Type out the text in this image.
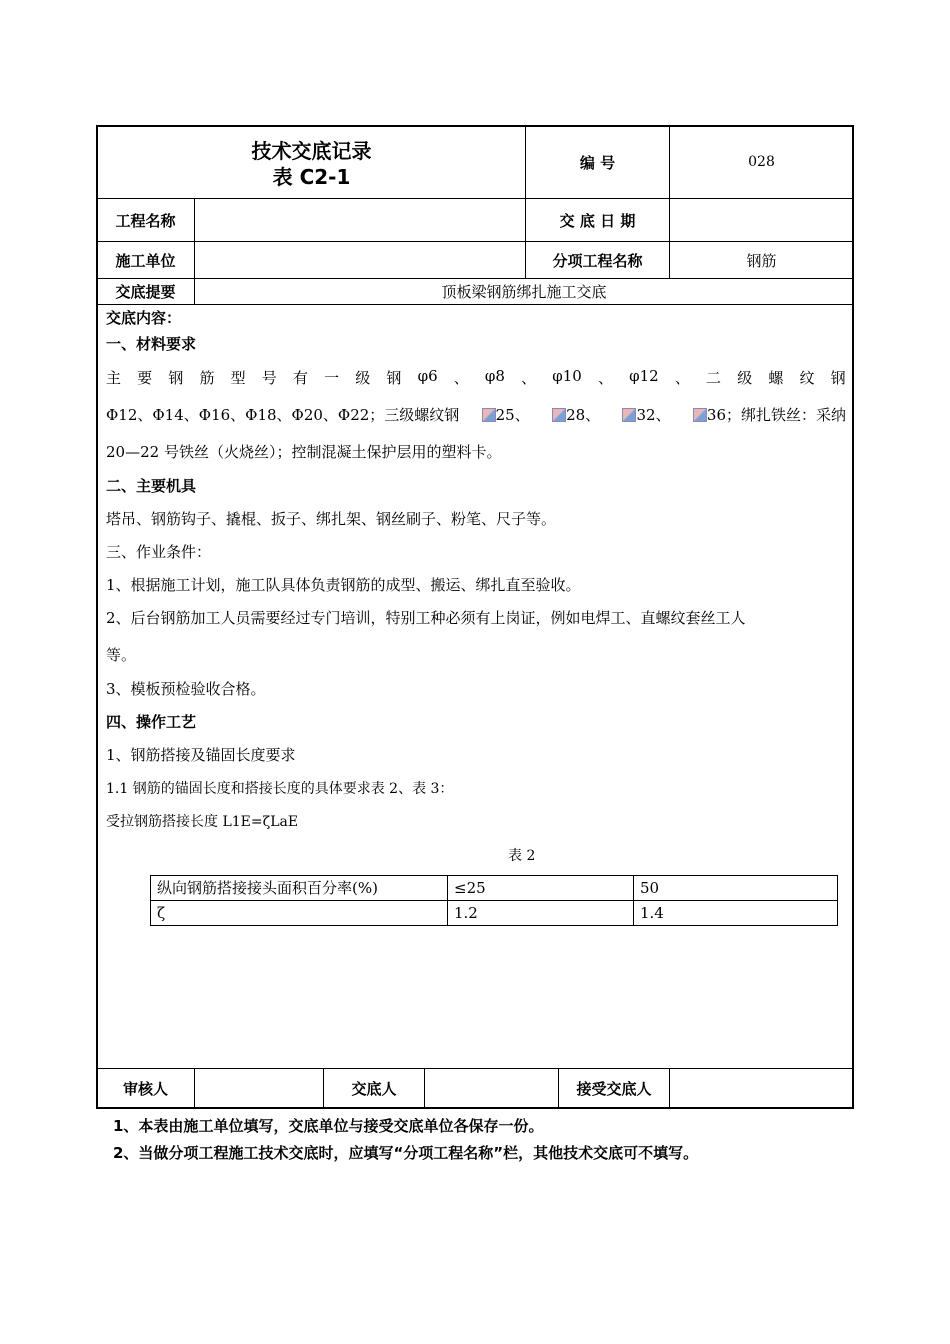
技术交底记录
表 C2-1
编 号	028
工程名称	交 底 日 期
施工单位	分项工程名称	钢筋
交底提要	顶板梁钢筋绑扎施工交底
交底内容：
一、材料要求
主 要 钢 筋 型 号 有 一 级 钢 φ6 、 φ8 、 φ10 、 φ12 、 二 级 螺 纹 钢
Φ12、Φ14、Φ16、Φ18、Φ20、Φ22；三级螺纹钢	25、	28、	32、	36；绑扎铁丝：采纳
20—22 号铁丝（火烧丝）；控制混凝土保护层用的塑料卡。
二、主要机具
塔吊、钢筋钩子、撬棍、扳子、绑扎架、钢丝刷子、粉笔、尺子等。
三、作业条件：
1、根据施工计划，施工队具体负责钢筋的成型、搬运、绑扎直至验收。
2、后台钢筋加工人员需要经过专门培训，特别工种必须有上岗证，例如电焊工、直螺纹套丝工人
等。
3、模板预检验收合格。
四、操作工艺
1、钢筋搭接及锚固长度要求
1.1 钢筋的锚固长度和搭接长度的具体要求表 2、表 3：
受拉钢筋搭接长度 L1E=ζLaE
表 2
纵向钢筋搭接接头面积百分率(%)	≤25	50
ζ	1.2	1.4
审核人	交底人	接受交底人
1、本表由施工单位填写，交底单位与接受交底单位各保存一份。
2、当做分项工程施工技术交底时，应填写“分项工程名称”栏，其他技术交底可不填写。
